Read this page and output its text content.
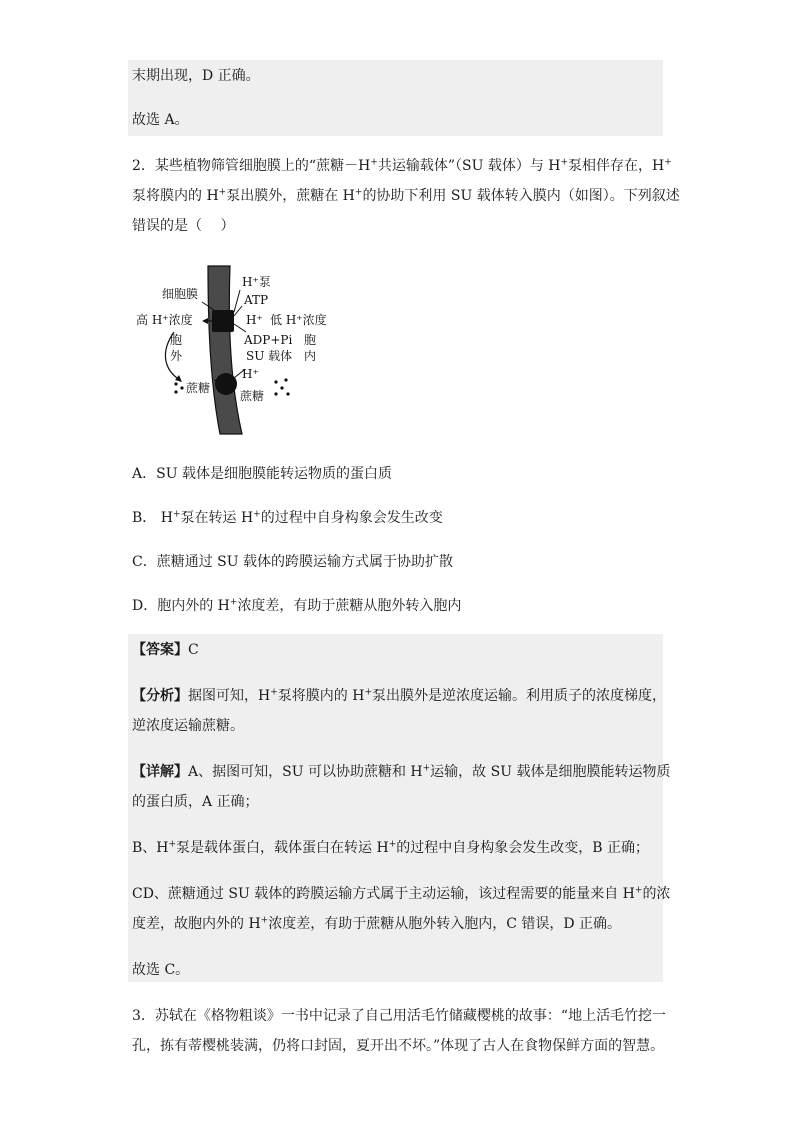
末期出现，D 正确。
故选 A。
2．某些植物筛管细胞膜上的“蔗糖－H+共运输载体”（SU 载体）与 H+泵相伴存在，H+
泵将膜内的 H+泵出膜外，蔗糖在 H+的协助下利用 SU 载体转入膜内（如图）。下列叙述
错误的是（　 ）
细胞膜
H⁺泵
ATP
高 H⁺浓度	H⁺ 低 H⁺浓度
ADP+Pi
SU 载体
胞
外
胞
内
H⁺
蔗糖
蔗糖
A．SU 载体是细胞膜能转运物质的蛋白质
B． H+泵在转运 H+的过程中自身构象会发生改变
C．蔗糖通过 SU 载体的跨膜运输方式属于协助扩散
D．胞内外的 H+浓度差，有助于蔗糖从胞外转入胞内
【答案】C
【分析】据图可知，H+泵将膜内的 H+泵出膜外是逆浓度运输。利用质子的浓度梯度，
逆浓度运输蔗糖。
【详解】A、据图可知，SU 可以协助蔗糖和 H+运输，故 SU 载体是细胞膜能转运物质
的蛋白质，A 正确；
B、H+泵是载体蛋白，载体蛋白在转运 H+的过程中自身构象会发生改变，B 正确；
CD、蔗糖通过 SU 载体的跨膜运输方式属于主动运输，该过程需要的能量来自 H+的浓
度差，故胞内外的 H+浓度差，有助于蔗糖从胞外转入胞内，C 错误，D 正确。
故选 C。
3．苏轼在《格物粗谈》一书中记录了自己用活毛竹储藏樱桃的故事：“地上活毛竹挖一
孔，拣有蒂樱桃装满，仍将口封固，夏开出不坏。”体现了古人在食物保鲜方面的智慧。
